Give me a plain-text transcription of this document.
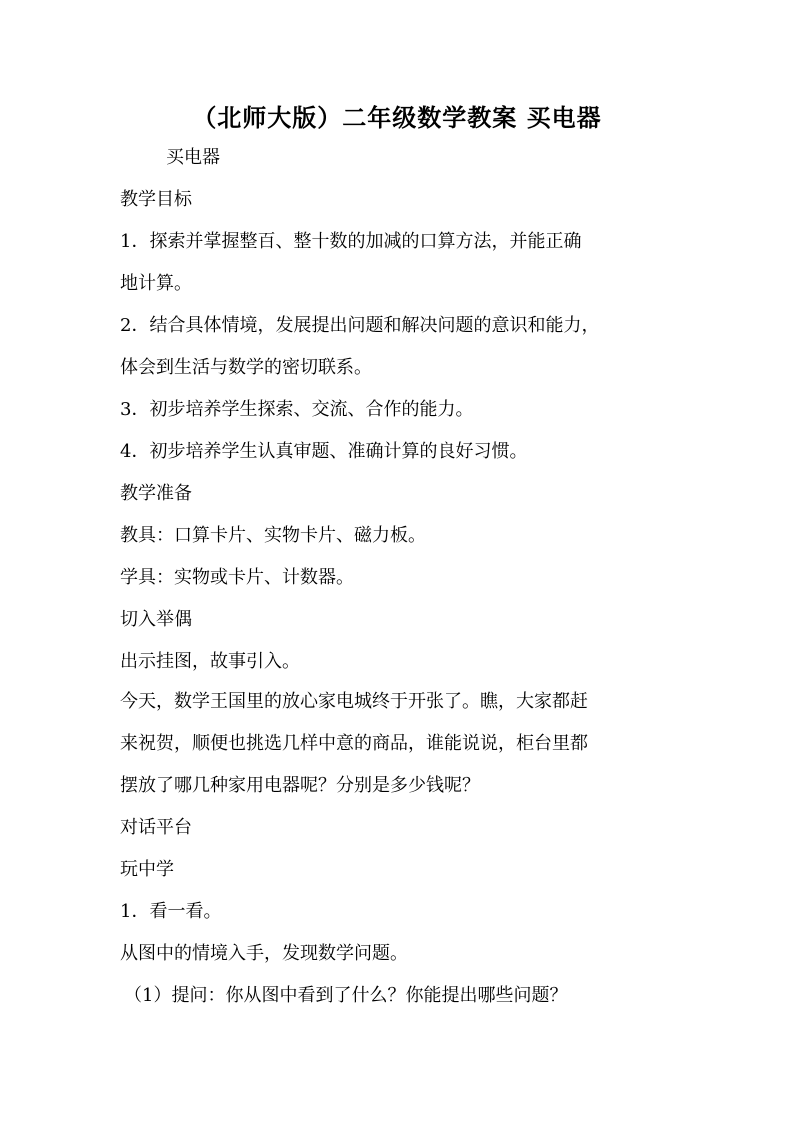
（北师大版）二年级数学教案 买电器
买电器
教学目标
1．探索并掌握整百、整十数的加减的口算方法，并能正确
地计算。
2．结合具体情境，发展提出问题和解决问题的意识和能力，
体会到生活与数学的密切联系。
3．初步培养学生探索、交流、合作的能力。
4．初步培养学生认真审题、准确计算的良好习惯。
教学准备
教具：口算卡片、实物卡片、磁力板。
学具：实物或卡片、计数器。
切入举偶
出示挂图，故事引入。
今天，数学王国里的放心家电城终于开张了。瞧，大家都赶
来祝贺，顺便也挑选几样中意的商品，谁能说说，柜台里都
摆放了哪几种家用电器呢？分别是多少钱呢？
对话平台
玩中学
1．看一看。
从图中的情境入手，发现数学问题。
（1）提问：你从图中看到了什么？你能提出哪些问题？
